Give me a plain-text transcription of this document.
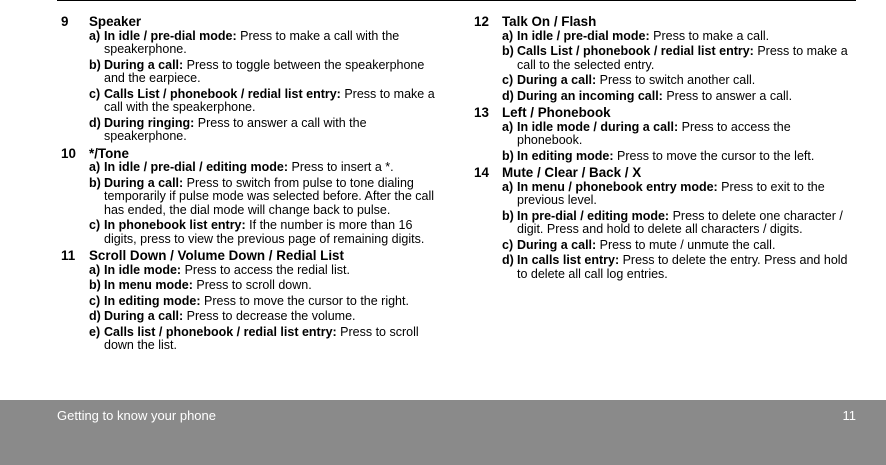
9	Speaker
a) In idle / pre-dial mode: Press to make a call with the speakerphone.
b) During a call: Press to toggle between the speakerphone and the earpiece.
c) Calls List / phonebook / redial list entry: Press to make a call with the speakerphone.
d) During ringing: Press to answer a call with the speakerphone.
10 */Tone
a) In idle / pre-dial / editing mode: Press to insert a *.
b) During a call: Press to switch from pulse to tone dialing temporarily if pulse mode was selected before. After the call has ended, the dial mode will change back to pulse.
c) In phonebook list entry: If the number is more than 16 digits, press to view the previous page of remaining digits.
11	Scroll Down / Volume Down / Redial List
a) In idle mode: Press to access the redial list.
b) In menu mode: Press to scroll down.
c) In editing mode: Press to move the cursor to the right.
d) During a call: Press to decrease the volume.
e) Calls list / phonebook / redial list entry: Press to scroll down the list.
12 Talk On / Flash
a) In idle / pre-dial mode: Press to make a call.
b) Calls List / phonebook / redial list entry: Press to make a call to the selected entry.
c) During a call: Press to switch another call.
d) During an incoming call: Press to answer a call.
13 Left / Phonebook
a) In idle mode / during a call: Press to access the phonebook.
b) In editing mode: Press to move the cursor to the left.
14 Mute / Clear / Back / X
a) In menu / phonebook entry mode: Press to exit to the previous level.
b) In pre-dial / editing mode: Press to delete one character / digit. Press and hold to delete all characters / digits.
c) During a call: Press to mute / unmute the call.
d) In calls list entry: Press to delete the entry. Press and hold to delete all call log entries.
Getting to know your phone	11
